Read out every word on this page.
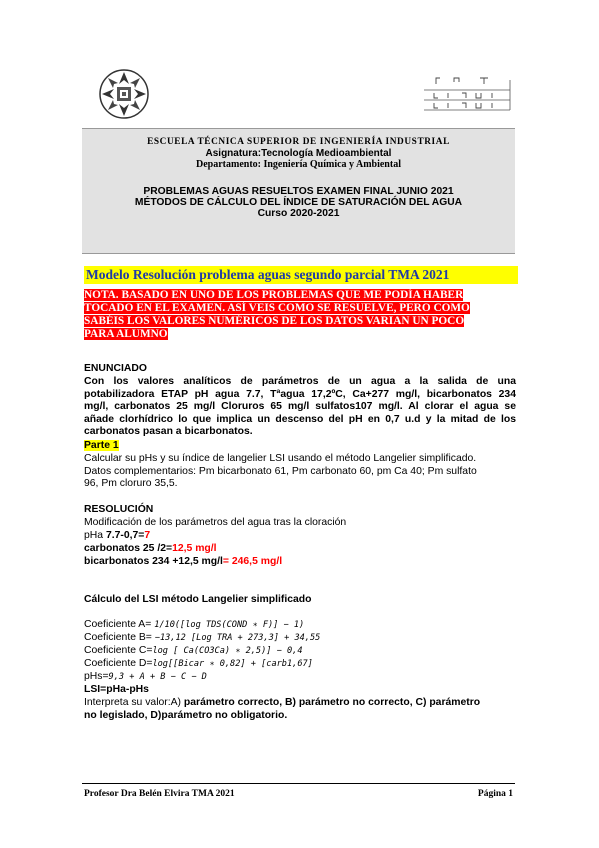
ESCUELA TÉCNICA SUPERIOR DE INGENIERÍA INDUSTRIAL
Asignatura:Tecnología Medioambiental
Departamento: Ingeniería Química y Ambiental
PROBLEMAS AGUAS RESUELTOS EXAMEN FINAL JUNIO 2021
MÉTODOS DE CÁLCULO DEL ÍNDICE DE SATURACIÓN DEL AGUA
Curso 2020-2021
Modelo Resolución problema aguas segundo parcial TMA 2021
NOTA. BASADO EN UNO DE LOS PROBLEMAS QUE ME PODÍA HABER
TOCADO EN EL EXAMEN. ASÍ VEIS COMO SE RESUELVE, PERO COMO
SABÉIS LOS VALORES NUMÉRICOS DE LOS DATOS VARIAN UN POCO
PARA ALUMNO
ENUNCIADO
Con los valores analíticos de parámetros de un agua a la salida de una
potabilizadora ETAP pH agua 7.7, Tªagua 17,2ºC, Ca+277 mg/l, bicarbonatos 234
mg/l, carbonatos 25 mg/l Cloruros 65 mg/l sulfatos107 mg/l. Al clorar el agua se
añade clorhídrico lo que implica un descenso del pH en 0,7 u.d y la mitad de los
carbonatos pasan a bicarbonatos.
Parte 1
Calcular su pHs y su índice de langelier LSI usando el método Langelier simplificado.
Datos complementarios: Pm bicarbonato 61, Pm carbonato 60, pm Ca 40; Pm sulfato
96, Pm cloruro 35,5.
RESOLUCIÓN
Modificación de los parámetros del agua tras la cloración
pHa 7.7-0,7=7
carbonatos 25 /2=12,5 mg/l
bicarbonatos 234 +12,5 mg/l= 246,5 mg/l
Cálculo del LSI método Langelier simplificado
Coeficiente A= 1/10([log TDS(COND ∗ F)] − 1)
Coeficiente B= −13,12 [Log TRA + 273,3] + 34,55
Coeficiente C=log [ Ca(CO3Ca) ∗ 2,5)] − 0,4
Coeficiente D=log[[Bicar ∗ 0,82] + [carb1,67]
pHs=9,3 + A + B − C − D
LSI=pHa-pHs
Interpreta su valor:A) parámetro correcto, B) parámetro no correcto, C) parámetro
no legislado, D)parámetro no obligatorio.
Profesor Dra Belén Elvira TMA 2021	Página 1
